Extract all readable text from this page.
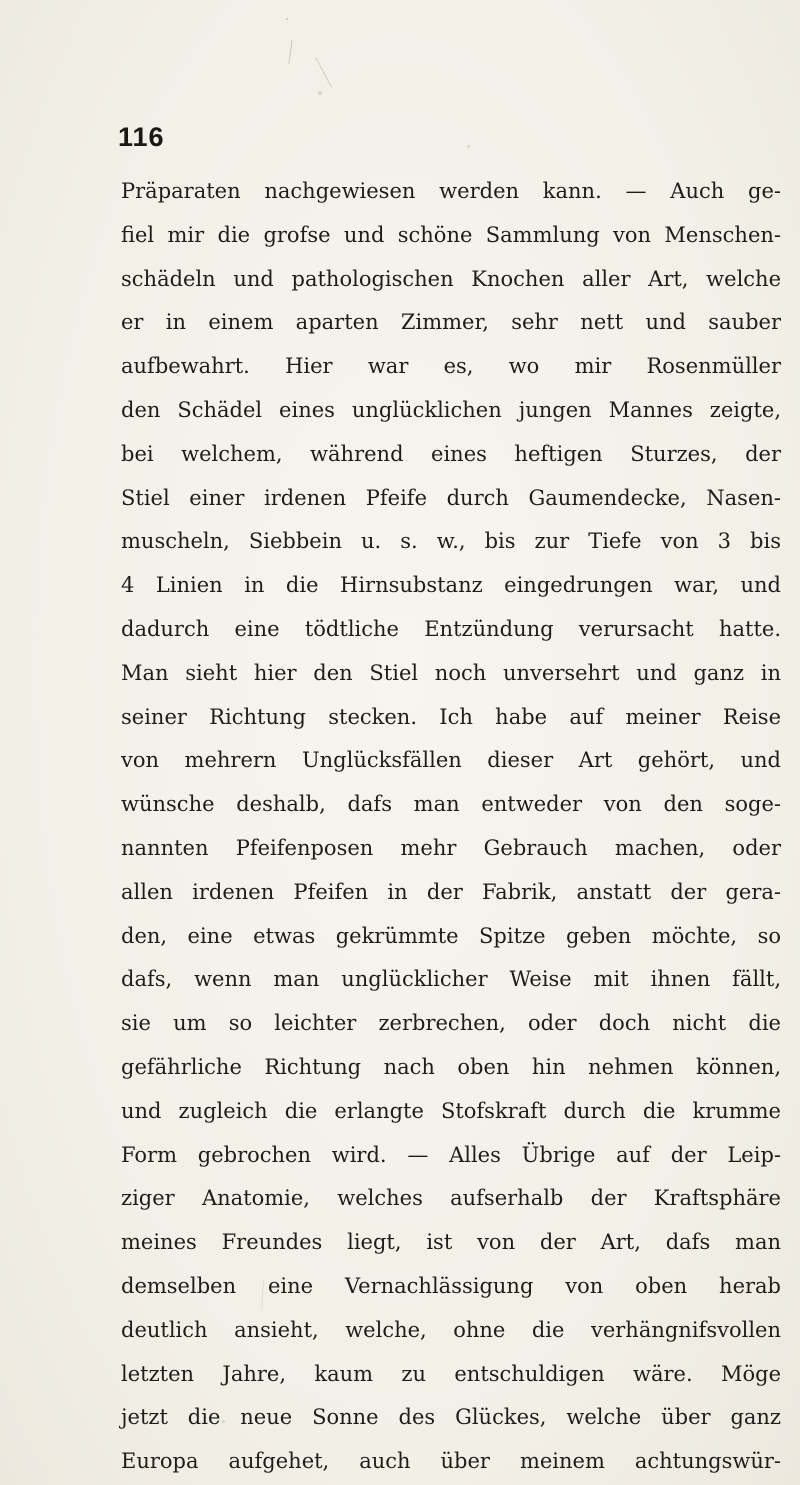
116
Präparaten nachgewiesen werden kann. — Auch ge-
fiel mir die grofse und schöne Sammlung von Menschen-
schädeln und pathologischen Knochen aller Art, welche
er in einem aparten Zimmer, sehr nett und sauber
aufbewahrt. Hier war es, wo mir Rosenmüller
den Schädel eines unglücklichen jungen Mannes zeigte,
bei welchem, während eines heftigen Sturzes, der
Stiel einer irdenen Pfeife durch Gaumendecke, Nasen-
muscheln, Siebbein u. s. w., bis zur Tiefe von 3 bis
4 Linien in die Hirnsubstanz eingedrungen war, und
dadurch eine tödtliche Entzündung verursacht hatte.
Man sieht hier den Stiel noch unversehrt und ganz in
seiner Richtung stecken. Ich habe auf meiner Reise
von mehrern Unglücksfällen dieser Art gehört, und
wünsche deshalb, dafs man entweder von den soge-
nannten Pfeifenposen mehr Gebrauch machen, oder
allen irdenen Pfeifen in der Fabrik, anstatt der gera-
den, eine etwas gekrümmte Spitze geben möchte, so
dafs, wenn man unglücklicher Weise mit ihnen fällt,
sie um so leichter zerbrechen, oder doch nicht die
gefährliche Richtung nach oben hin nehmen können,
und zugleich die erlangte Stofskraft durch die krumme
Form gebrochen wird. — Alles Übrige auf der Leip-
ziger Anatomie, welches aufserhalb der Kraftsphäre
meines Freundes liegt, ist von der Art, dafs man
demselben eine Vernachlässigung von oben herab
deutlich ansieht, welche, ohne die verhängnifsvollen
letzten Jahre, kaum zu entschuldigen wäre. Möge
jetzt die neue Sonne des Glückes, welche über ganz
Europa aufgehet, auch über meinem achtungswür-
